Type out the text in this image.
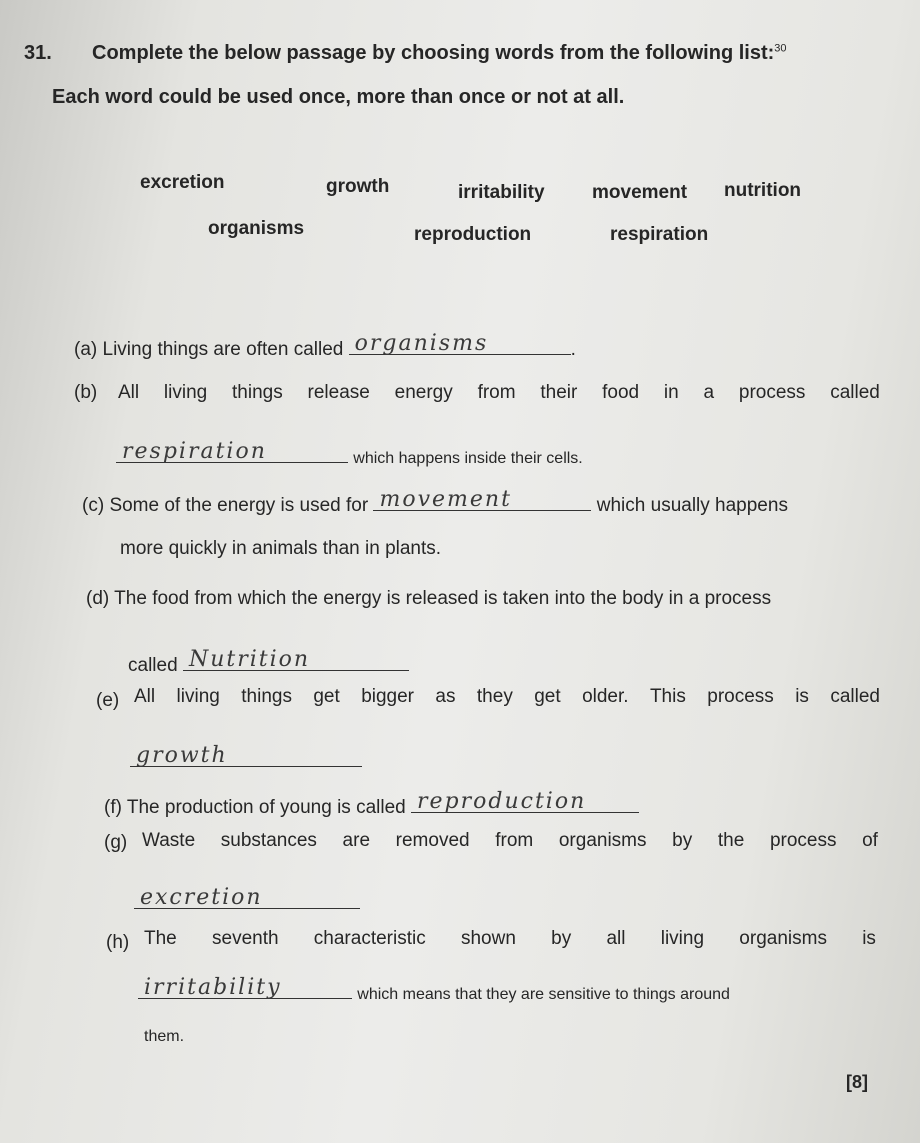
31. Complete the below passage by choosing words from the following list:$^{30}$
Each word could be used once, more than once or not at all.
excretion	growth	irritability movement nutrition
organisms	reproduction	respiration
(a) Living things are often called organisms	.
(b) All living things release energy from their food in a process called
respiration	which happens inside their cells.
(c) Some of the energy is used for movement	which usually happens
more quickly in animals than in plants.
(d) The food from which the energy is released is taken into the body in a process
called Nutrition
(e) All living things get bigger as they get older. This process is called
growth
(f) The production of young is called reproduction
(g) Waste substances are removed from organisms by the process of
excretion
(h) The seventh characteristic shown by all living organisms is
irritability	which means that they are sensitive to things around
them.
[8]
